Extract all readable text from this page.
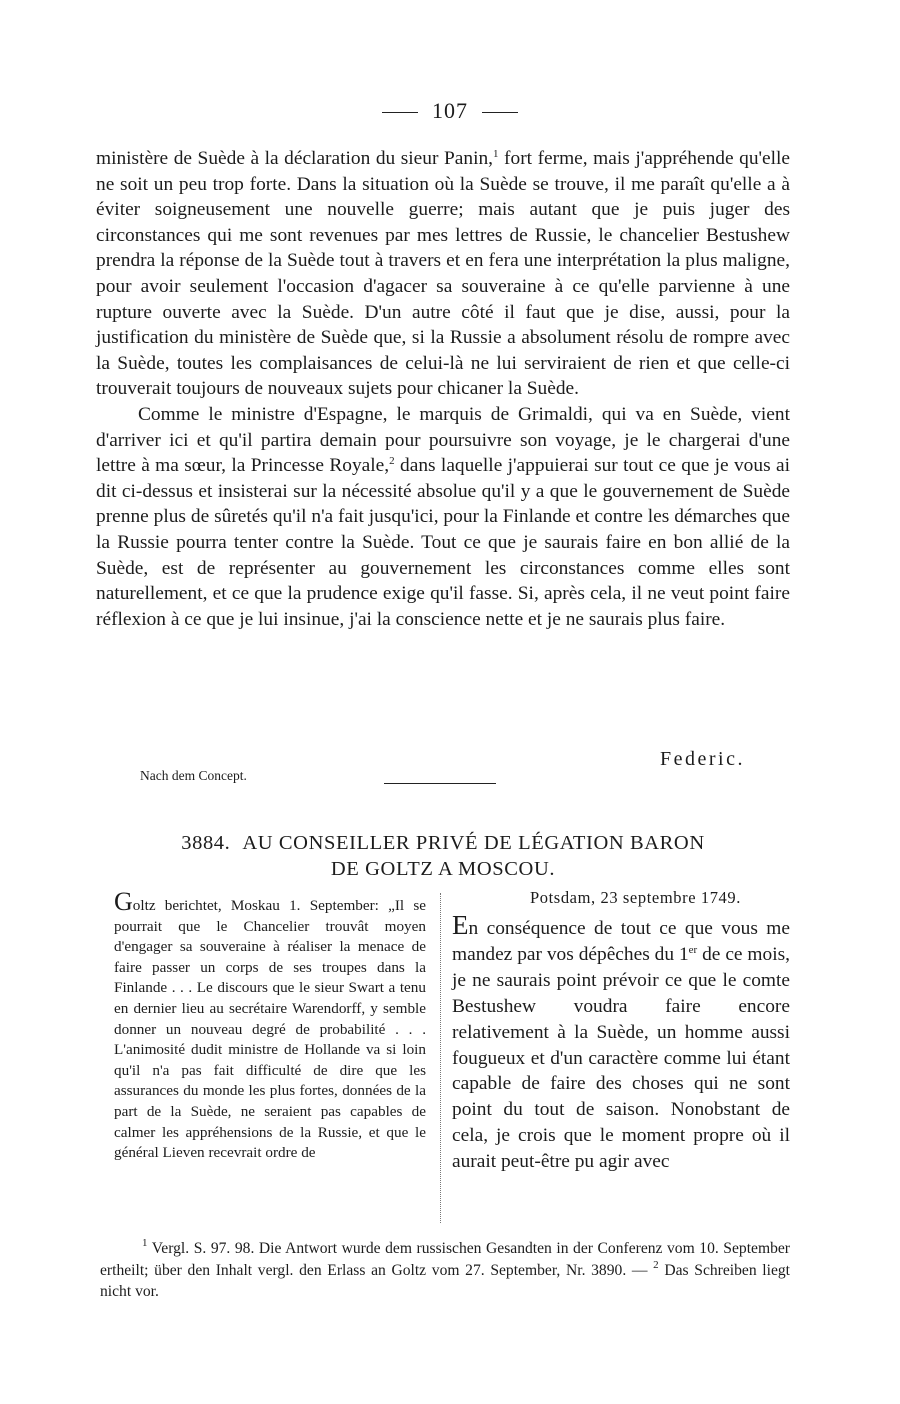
107

ministère de Suède à la déclaration du sieur Panin,$^1$ fort ferme, mais j'appréhende qu'elle ne soit un peu trop forte. Dans la situation où la Suède se trouve, il me paraît qu'elle a à éviter soigneusement une nouvelle guerre; mais autant que je puis juger des circonstances qui me sont revenues par mes lettres de Russie, le chancelier Bestushew prendra la réponse de la Suède tout à travers et en fera une interprétation la plus maligne, pour avoir seulement l'occasion d'agacer sa souveraine à ce qu'elle parvienne à une rupture ouverte avec la Suède. D'un autre côté il faut que je dise, aussi, pour la justification du ministère de Suède que, si la Russie a absolument résolu de rompre avec la Suède, toutes les complaisances de celui-là ne lui serviraient de rien et que celle-ci trouverait toujours de nouveaux sujets pour chicaner la Suède.

Comme le ministre d'Espagne, le marquis de Grimaldi, qui va en Suède, vient d'arriver ici et qu'il partira demain pour poursuivre son voyage, je le chargerai d'une lettre à ma sœur, la Princesse Royale,$^2$ dans laquelle j'appuierai sur tout ce que je vous ai dit ci-dessus et insisterai sur la nécessité absolue qu'il y a que le gouvernement de Suède prenne plus de sûretés qu'il n'a fait jusqu'ici, pour la Finlande et contre les démarches que la Russie pourra tenter contre la Suède. Tout ce que je saurais faire en bon allié de la Suède, est de représenter au gouvernement les circonstances comme elles sont naturellement, et ce que la prudence exige qu'il fasse. Si, après cela, il ne veut point faire réflexion à ce que je lui insinue, j'ai la conscience nette et je ne saurais plus faire.

Federic.
Nach dem Concept.
3884. AU CONSEILLER PRIVÉ DE LÉGATION BARON
DE GOLTZ A MOSCOU.

Goltz berichtet, Moskau 1. September: „Il se pourrait que le Chancelier trouvât moyen d'engager sa souveraine à réaliser la menace de faire passer un corps de ses troupes dans la Finlande . . . Le discours que le sieur Swart a tenu en dernier lieu au secrétaire Warendorff, y semble donner un nouveau degré de probabilité . . . L'animosité dudit ministre de Hollande va si loin qu'il n'a pas fait difficulté de dire que les assurances du monde les plus fortes, données de la part de la Suède, ne seraient pas capables de calmer les appréhensions de la Russie, et que le général Lieven recevrait ordre de

Potsdam, 23 septembre 1749.

En conséquence de tout ce que vous me mandez par vos dépêches du 1er de ce mois, je ne saurais point prévoir ce que le comte Bestushew voudra faire encore relativement à la Suède, un homme aussi fougueux et d'un caractère comme lui étant capable de faire des choses qui ne sont point du tout de saison. Nonobstant de cela, je crois que le moment propre où il aurait peut-être pu agir avec

$^1$ Vergl. S. 97. 98. Die Antwort wurde dem russischen Gesandten in der Conferenz vom 10. September ertheilt; über den Inhalt vergl. den Erlass an Goltz vom 27. September, Nr. 3890. — $^2$ Das Schreiben liegt nicht vor.
